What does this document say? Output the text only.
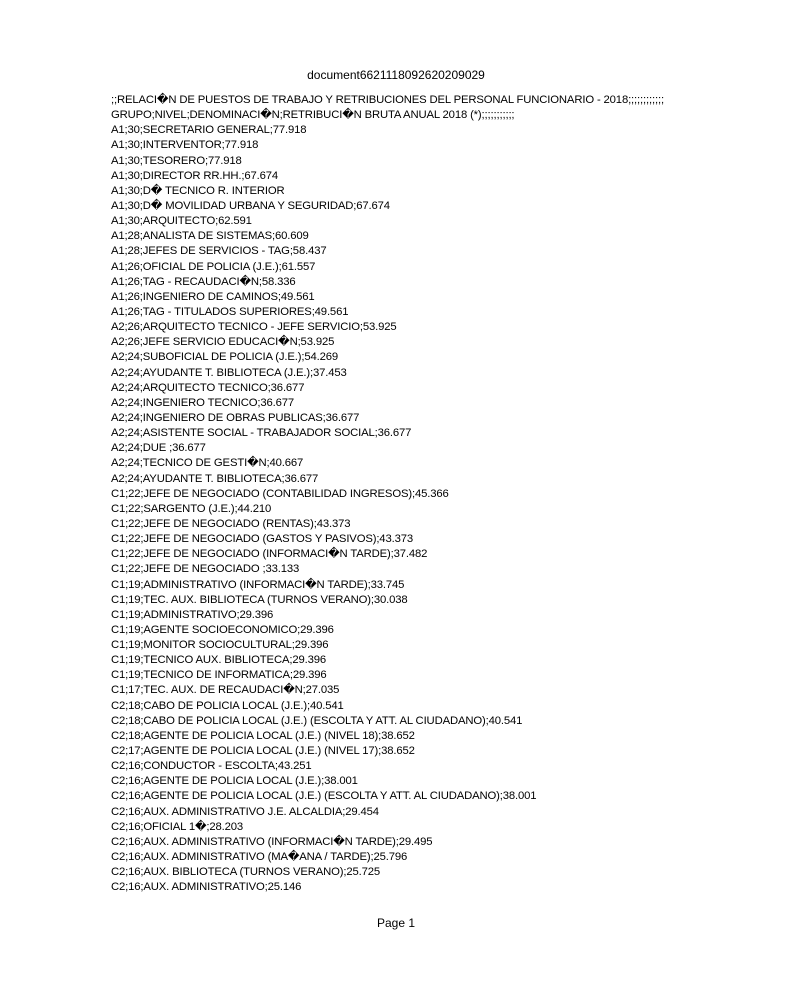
document6621118092620209029
;;RELACI�N DE PUESTOS DE TRABAJO Y RETRIBUCIONES DEL PERSONAL FUNCIONARIO - 2018;;;;;;;;;;;;
GRUPO;NIVEL;DENOMINACI�N;RETRIBUCI�N BRUTA ANUAL 2018 (*);;;;;;;;;;;
A1;30;SECRETARIO GENERAL;77.918
A1;30;INTERVENTOR;77.918
A1;30;TESORERO;77.918
A1;30;DIRECTOR RR.HH.;67.674
A1;30;D� TECNICO R. INTERIOR
A1;30;D� MOVILIDAD URBANA Y SEGURIDAD;67.674
A1;30;ARQUITECTO;62.591
A1;28;ANALISTA DE SISTEMAS;60.609
A1;28;JEFES DE SERVICIOS - TAG;58.437
A1;26;OFICIAL DE POLICIA (J.E.);61.557
A1;26;TAG - RECAUDACI�N;58.336
A1;26;INGENIERO DE CAMINOS;49.561
A1;26;TAG - TITULADOS SUPERIORES;49.561
A2;26;ARQUITECTO TECNICO - JEFE SERVICIO;53.925
A2;26;JEFE SERVICIO EDUCACI�N;53.925
A2;24;SUBOFICIAL DE POLICIA (J.E.);54.269
A2;24;AYUDANTE T. BIBLIOTECA (J.E.);37.453
A2;24;ARQUITECTO TECNICO;36.677
A2;24;INGENIERO TECNICO;36.677
A2;24;INGENIERO DE OBRAS PUBLICAS;36.677
A2;24;ASISTENTE SOCIAL - TRABAJADOR SOCIAL;36.677
A2;24;DUE ;36.677
A2;24;TECNICO DE GESTI�N;40.667
A2;24;AYUDANTE T. BIBLIOTECA;36.677
C1;22;JEFE DE NEGOCIADO (CONTABILIDAD INGRESOS);45.366
C1;22;SARGENTO (J.E.);44.210
C1;22;JEFE DE NEGOCIADO (RENTAS);43.373
C1;22;JEFE DE NEGOCIADO (GASTOS Y PASIVOS);43.373
C1;22;JEFE DE NEGOCIADO (INFORMACI�N TARDE);37.482
C1;22;JEFE DE NEGOCIADO ;33.133
C1;19;ADMINISTRATIVO (INFORMACI�N TARDE);33.745
C1;19;TEC. AUX. BIBLIOTECA (TURNOS VERANO);30.038
C1;19;ADMINISTRATIVO;29.396
C1;19;AGENTE SOCIOECONOMICO;29.396
C1;19;MONITOR SOCIOCULTURAL;29.396
C1;19;TECNICO AUX. BIBLIOTECA;29.396
C1;19;TECNICO DE INFORMATICA;29.396
C1;17;TEC. AUX. DE RECAUDACI�N;27.035
C2;18;CABO DE POLICIA LOCAL (J.E.);40.541
C2;18;CABO DE POLICIA LOCAL (J.E.) (ESCOLTA Y ATT. AL CIUDADANO);40.541
C2;18;AGENTE DE POLICIA LOCAL (J.E.) (NIVEL 18);38.652
C2;17;AGENTE DE POLICIA LOCAL (J.E.) (NIVEL 17);38.652
C2;16;CONDUCTOR - ESCOLTA;43.251
C2;16;AGENTE DE POLICIA LOCAL (J.E.);38.001
C2;16;AGENTE DE POLICIA LOCAL (J.E.) (ESCOLTA Y ATT. AL CIUDADANO);38.001
C2;16;AUX. ADMINISTRATIVO J.E. ALCALDIA;29.454
C2;16;OFICIAL 1�;28.203
C2;16;AUX. ADMINISTRATIVO (INFORMACI�N TARDE);29.495
C2;16;AUX. ADMINISTRATIVO (MA�ANA / TARDE);25.796
C2;16;AUX. BIBLIOTECA (TURNOS VERANO);25.725
C2;16;AUX. ADMINISTRATIVO;25.146
Page 1
